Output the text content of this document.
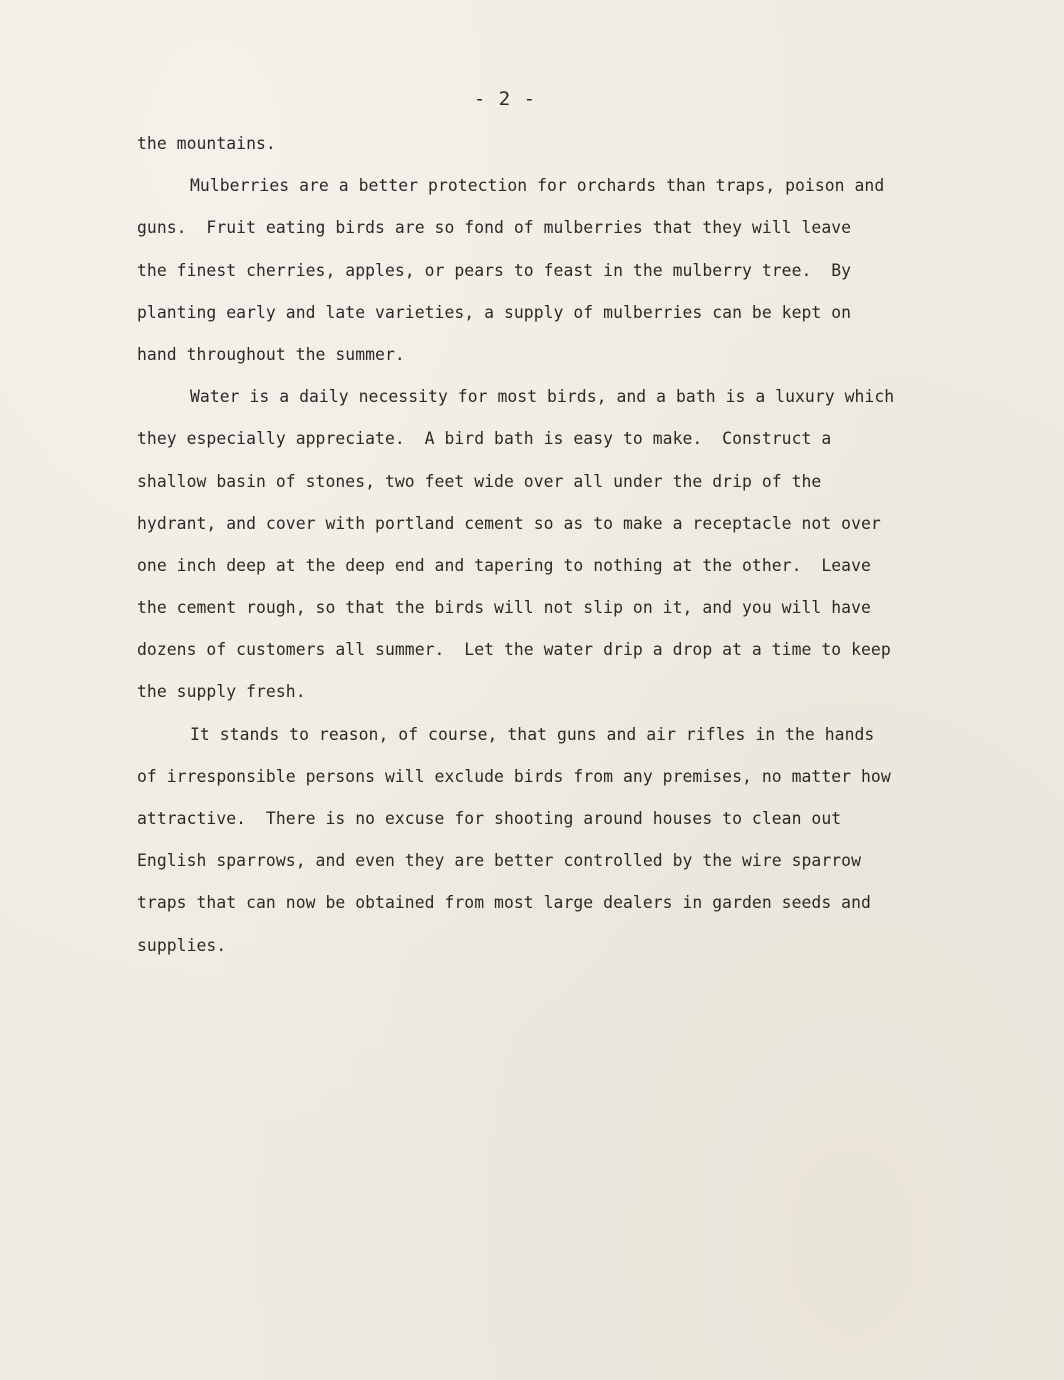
- 2 -
the mountains.
Mulberries are a better protection for orchards than traps, poison and
guns.  Fruit eating birds are so fond of mulberries that they will leave
the finest cherries, apples, or pears to feast in the mulberry tree.  By
planting early and late varieties, a supply of mulberries can be kept on
hand throughout the summer.
Water is a daily necessity for most birds, and a bath is a luxury which
they especially appreciate.  A bird bath is easy to make.  Construct a
shallow basin of stones, two feet wide over all under the drip of the
hydrant, and cover with portland cement so as to make a receptacle not over
one inch deep at the deep end and tapering to nothing at the other.  Leave
the cement rough, so that the birds will not slip on it, and you will have
dozens of customers all summer.  Let the water drip a drop at a time to keep
the supply fresh.
It stands to reason, of course, that guns and air rifles in the hands
of irresponsible persons will exclude birds from any premises, no matter how
attractive.  There is no excuse for shooting around houses to clean out
English sparrows, and even they are better controlled by the wire sparrow
traps that can now be obtained from most large dealers in garden seeds and
supplies.
